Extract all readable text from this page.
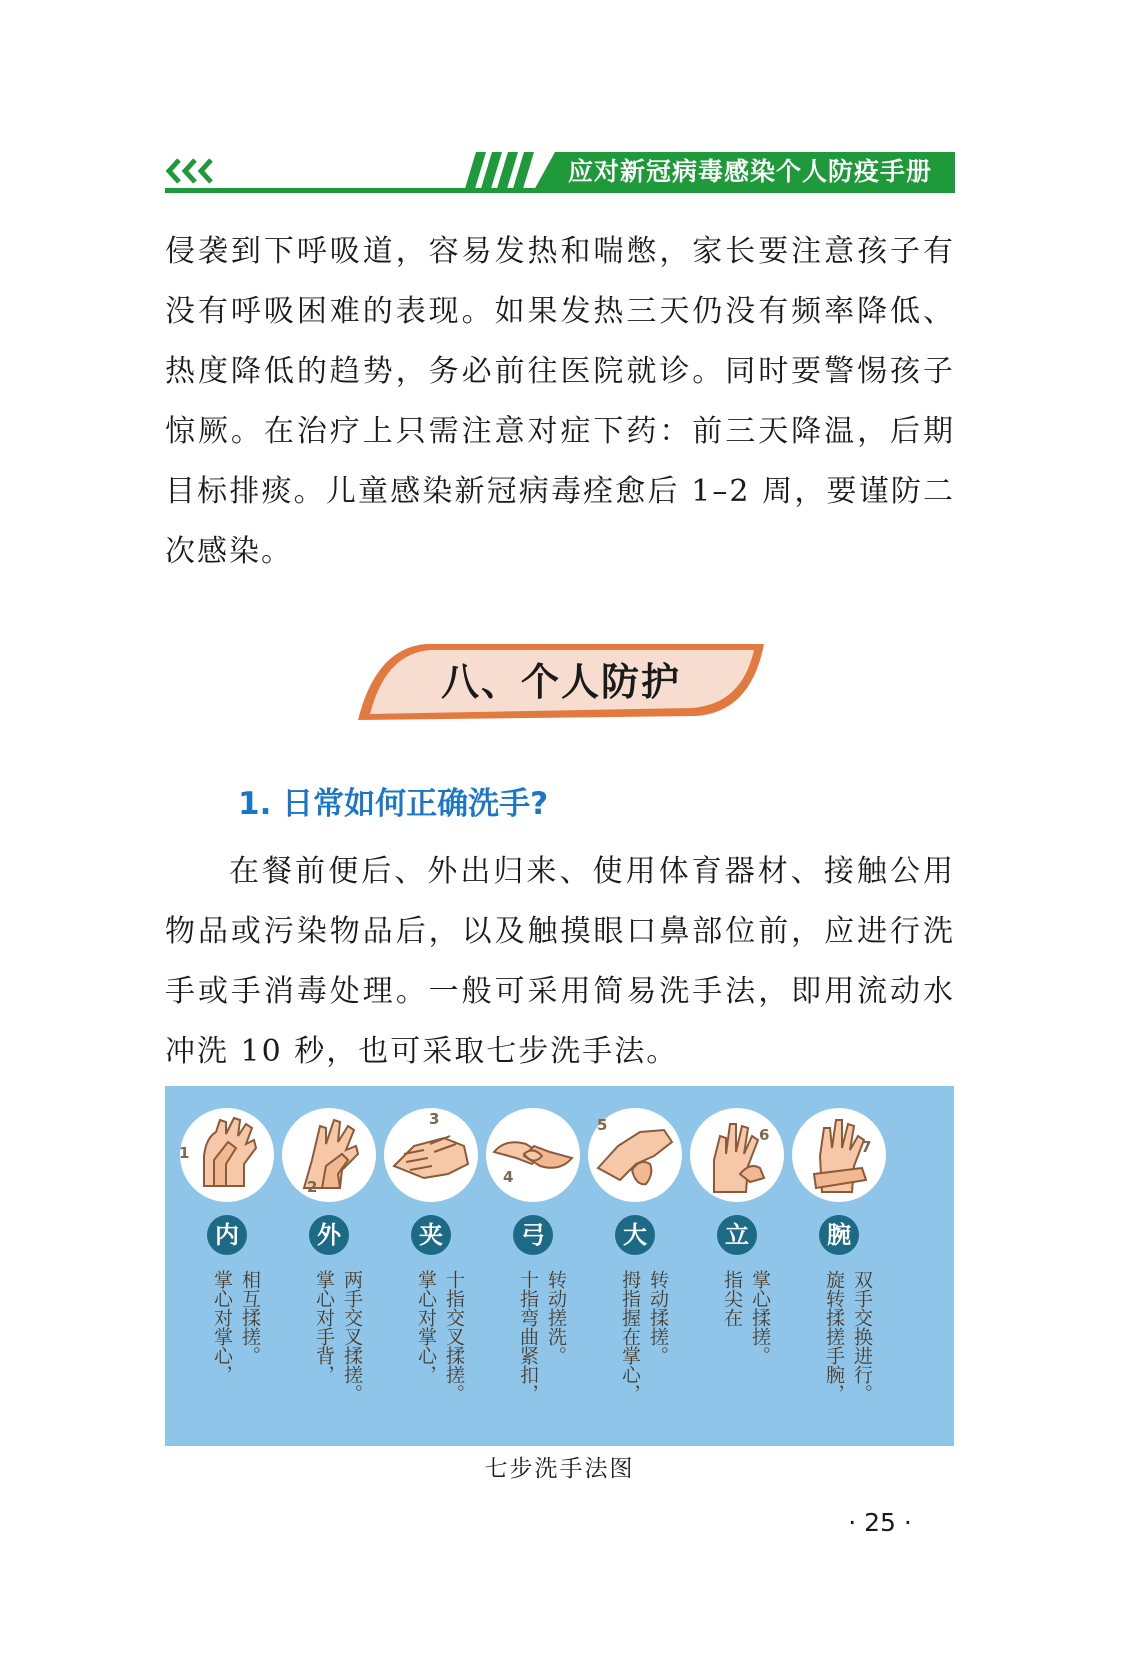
应对新冠病毒感染个人防疫手册

侵袭到下呼吸道，容易发热和喘憋，家长要注意孩子有没有呼吸困难的表现。如果发热三天仍没有频率降低、热度降低的趋势，务必前往医院就诊。同时要警惕孩子惊厥。在治疗上只需注意对症下药：前三天降温，后期目标排痰。儿童感染新冠病毒痊愈后 1–2 周，要谨防二次感染。

八、个人防护
1. 日常如何正确洗手?

在餐前便后、外出归来、使用体育器材、接触公用物品或污染物品后，以及触摸眼口鼻部位前，应进行洗手或手消毒处理。一般可采用简易洗手法，即用流动水冲洗 10 秒，也可采取七步洗手法。

1
内
相互揉搓。
掌心对掌心，
2
外
两手交叉揉搓。
掌心对手背，
3
夹
十指交叉揉搓。
掌心对掌心，
4
弓
转动搓洗。
十指弯曲紧扣，
5
大
转动揉搓。
拇指握在掌心，
6
立
掌心揉搓。
指尖在
7
腕
双手交换进行。
旋转揉搓手腕，
七步洗手法图
· 25 ·
